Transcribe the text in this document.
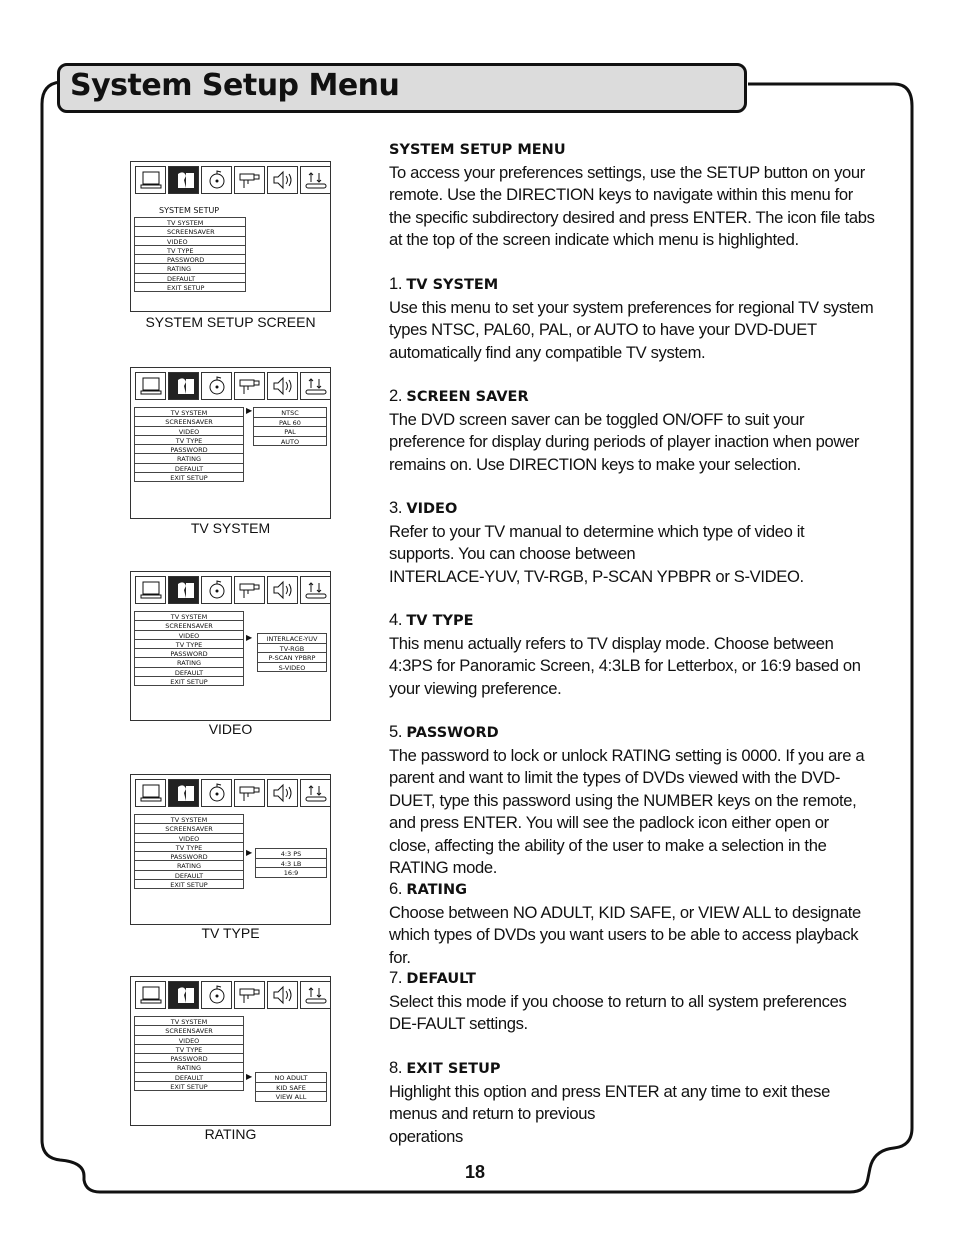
System Setup Menu
SYSTEM SETUP
TV SYSTEM
SCREENSAVER
VIDEO
TV TYPE
PASSWORD
RATING
DEFAULT
EXIT SETUP
SYSTEM SETUP SCREEN
TV SYSTEM
SCREENSAVER
VIDEO
TV TYPE
PASSWORD
RATING
DEFAULT
EXIT SETUP
▶	NTSC
PAL 60
PAL
AUTO
TV SYSTEM
TV SYSTEM
SCREENSAVER
VIDEO
TV TYPE
PASSWORD
RATING
DEFAULT
EXIT SETUP
▶	INTERLACE-YUV
TV-RGB
P-SCAN YPBRP
S-VIDEO
VIDEO
TV SYSTEM
SCREENSAVER
VIDEO
TV TYPE
PASSWORD
RATING
DEFAULT
EXIT SETUP
▶	4:3 PS
4:3 LB
16:9
TV TYPE
TV SYSTEM
SCREENSAVER
VIDEO
TV TYPE
PASSWORD
RATING
DEFAULT
EXIT SETUP
▶	NO ADULT
KID SAFE
VIEW ALL
RATING

SYSTEM SETUP MENU

To access your preferences settings, use the SETUP button on your remote. Use the DIRECTION keys to navigate within this menu for the specific subdirectory desired and press ENTER. The icon file tabs at the top of the screen indicate which menu is highlighted.

1. TV SYSTEM

Use this menu to set your system preferences for regional TV system types NTSC, PAL60, PAL, or AUTO to have your DVD-DUET automatically find any compatible TV system.

2. SCREEN SAVER

The DVD screen saver can be toggled ON/OFF to suit your preference for display during periods of player inaction when power remains on. Use DIRECTION keys to make your selection.

3. VIDEO

Refer to your TV manual to determine which type of video it supports. You can choose between

INTERLACE-YUV, TV-RGB, P-SCAN YPBPR or S-VIDEO.

4. TV TYPE

This menu actually refers to TV display mode. Choose between 4:3PS for Panoramic Screen, 4:3LB for Letterbox, or 16:9 based on your viewing preference.

5. PASSWORD

The password to lock or unlock RATING setting is 0000. If you are a parent and want to limit the types of DVDs viewed with the DVD-DUET, type this password using the NUMBER keys on the remote, and press ENTER. You will see the padlock icon either open or close, affecting the ability of the user to make a selection in the RATING mode.

6. RATING

Choose between NO ADULT, KID SAFE, or VIEW ALL to designate which types of DVDs you want users to be able to access playback for.

7. DEFAULT

Select this mode if you choose to return to all system preferences DE-FAULT settings.

8. EXIT SETUP

Highlight this option and press ENTER at any time to exit these menus and return to previous

operations

18
